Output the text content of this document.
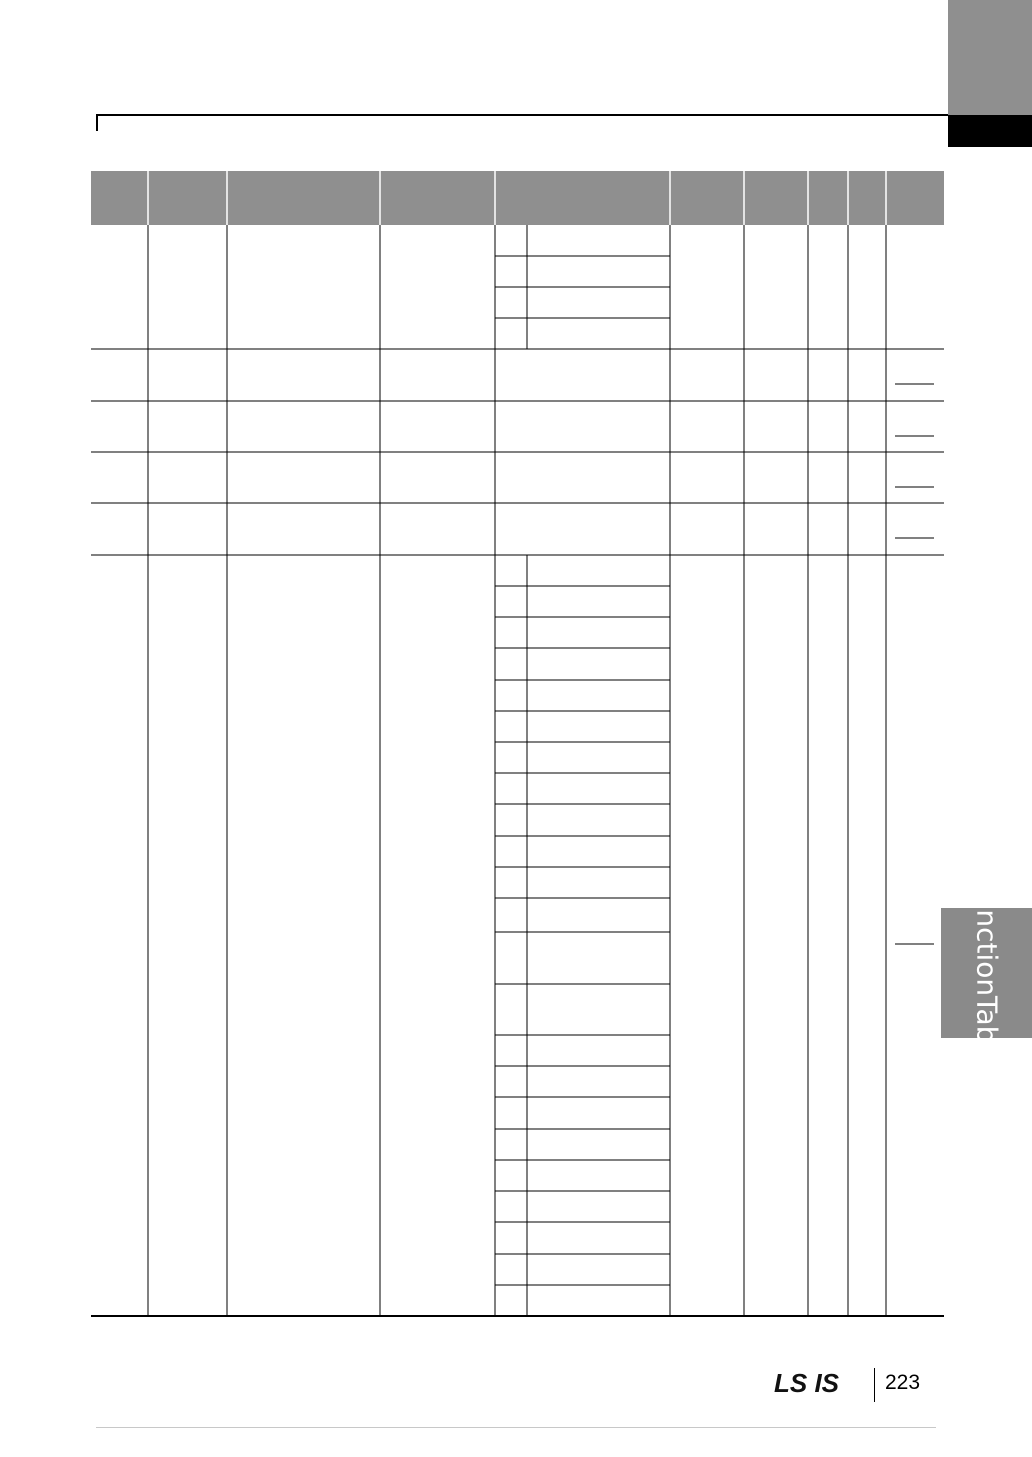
Function
Table
LS IS 223
